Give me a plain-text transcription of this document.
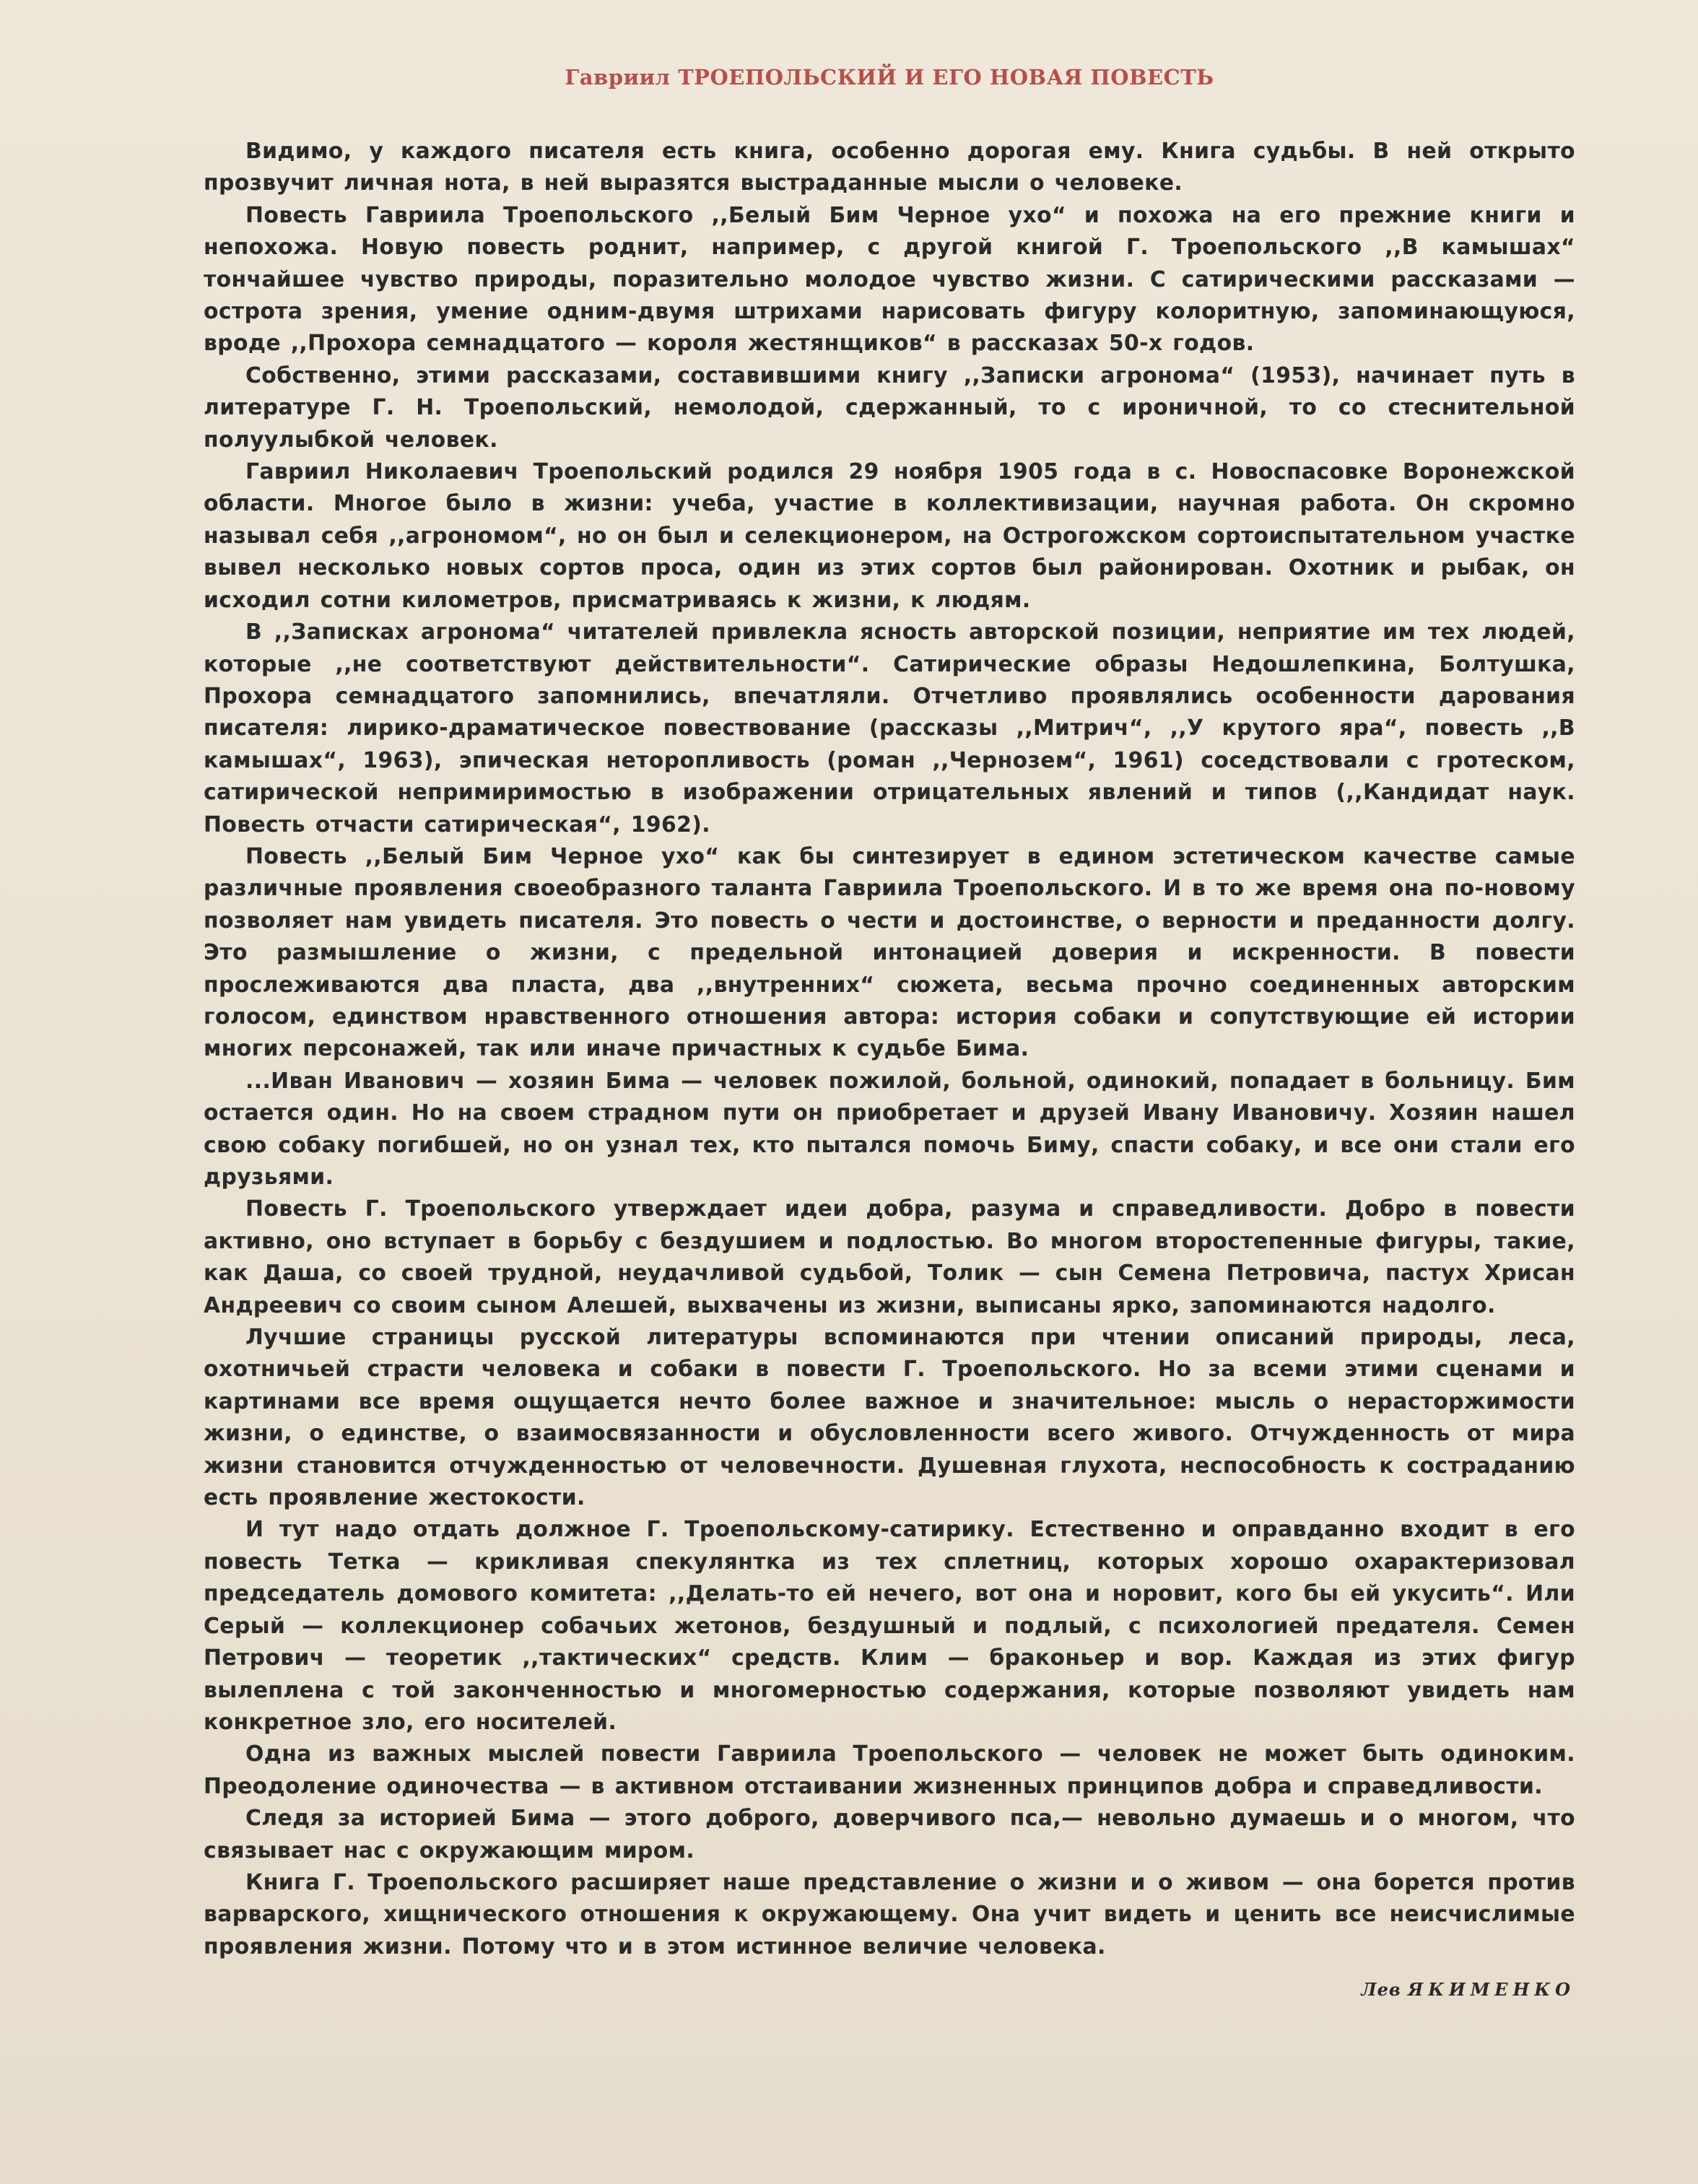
Гавриил ТРОЕПОЛЬСКИЙ И ЕГО НОВАЯ ПОВЕСТЬ

Видимо, у каждого писателя есть книга, особенно дорогая ему. Книга судьбы. В ней открыто прозвучит личная нота, в ней выразятся выстраданные мысли о человеке.

Повесть Гавриила Троепольского ,,Белый Бим Черное ухо“ и похожа на его прежние книги и непохожа. Новую повесть роднит, например, с другой книгой Г. Троепольского ,,В камышах“ тончайшее чувство природы, поразительно молодое чувство жизни. С сатирическими рассказами — острота зрения, умение одним-двумя штрихами нарисовать фигуру колоритную, запоминающуюся, вроде ,,Прохора семнадцатого — короля жестянщиков“ в рассказах 50-х годов.

Собственно, этими рассказами, составившими книгу ,,Записки агронома“ (1953), начинает путь в литературе Г. Н. Троепольский, немолодой, сдержанный, то с ироничной, то со стеснительной полуулыбкой человек.

Гавриил Николаевич Троепольский родился 29 ноября 1905 года в с. Новоспасовке Воронежской области. Многое было в жизни: учеба, участие в коллективизации, научная работа. Он скромно называл себя ,,агрономом“, но он был и селекционером, на Острогожском сортоиспытательном участке вывел несколько новых сортов проса, один из этих сортов был районирован. Охотник и рыбак, он исходил сотни километров, присматриваясь к жизни, к людям.

В ,,Записках агронома“ читателей привлекла ясность авторской позиции, неприятие им тех людей, которые ,,не соответствуют действительности“. Сатирические образы Недошлепкина, Болтушка, Прохора семнадцатого запомнились, впечатляли. Отчетливо проявлялись особенности дарования писателя: лирико-драматическое повествование (рассказы ,,Митрич“, ,,У крутого яра“, повесть ,,В камышах“, 1963), эпическая неторопливость (роман ,,Чернозем“, 1961) соседствовали с гротеском, сатирической непримиримостью в изображении отрицательных явлений и типов (,,Кандидат наук. Повесть отчасти сатирическая“, 1962).

Повесть ,,Белый Бим Черное ухо“ как бы синтезирует в едином эстетическом качестве самые различные проявления своеобразного таланта Гавриила Троепольского. И в то же время она по-новому позволяет нам увидеть писателя. Это повесть о чести и достоинстве, о верности и преданности долгу. Это размышление о жизни, с предельной интонацией доверия и искренности. В повести прослеживаются два пласта, два ,,внутренних“ сюжета, весьма прочно соединенных авторским голосом, единством нравственного отношения автора: история собаки и сопутствующие ей истории многих персонажей, так или иначе причастных к судьбе Бима.

...Иван Иванович — хозяин Бима — человек пожилой, больной, одинокий, попадает в больницу. Бим остается один. Но на своем страдном пути он приобретает и друзей Ивану Ивановичу. Хозяин нашел свою собаку погибшей, но он узнал тех, кто пытался помочь Биму, спасти собаку, и все они стали его друзьями.

Повесть Г. Троепольского утверждает идеи добра, разума и справедливости. Добро в повести активно, оно вступает в борьбу с бездушием и подлостью. Во многом второстепенные фигуры, такие, как Даша, со своей трудной, неудачливой судьбой, Толик — сын Семена Петровича, пастух Хрисан Андреевич со своим сыном Алешей, выхвачены из жизни, выписаны ярко, запоминаются надолго.

Лучшие страницы русской литературы вспоминаются при чтении описаний природы, леса, охотничьей страсти человека и собаки в повести Г. Троепольского. Но за всеми этими сценами и картинами все время ощущается нечто более важное и значительное: мысль о нерасторжимости жизни, о единстве, о взаимосвязанности и обусловленности всего живого. Отчужденность от мира жизни становится отчужденностью от человечности. Душевная глухота, неспособность к состраданию есть проявление жестокости.

И тут надо отдать должное Г. Троепольскому-сатирику. Естественно и оправданно входит в его повесть Тетка — крикливая спекулянтка из тех сплетниц, которых хорошо охарактеризовал председатель домового комитета: ,,Делать-то ей нечего, вот она и норовит, кого бы ей укусить“. Или Серый — коллекционер собачьих жетонов, бездушный и подлый, с психологией предателя. Семен Петрович — теоретик ,,тактических“ средств. Клим — браконьер и вор. Каждая из этих фигур вылеплена с той законченностью и многомерностью содержания, которые позволяют увидеть нам конкретное зло, его носителей.

Одна из важных мыслей повести Гавриила Троепольского — человек не может быть одиноким. Преодоление одиночества — в активном отстаивании жизненных принципов добра и справедливости.

Следя за историей Бима — этого доброго, доверчивого пса,— невольно думаешь и о многом, что связывает нас с окружающим миром.

Книга Г. Троепольского расширяет наше представление о жизни и о живом — она борется против варварского, хищнического отношения к окружающему. Она учит видеть и ценить все неисчислимые проявления жизни. Потому что и в этом истинное величие человека.

Лев ЯКИМЕНКО
